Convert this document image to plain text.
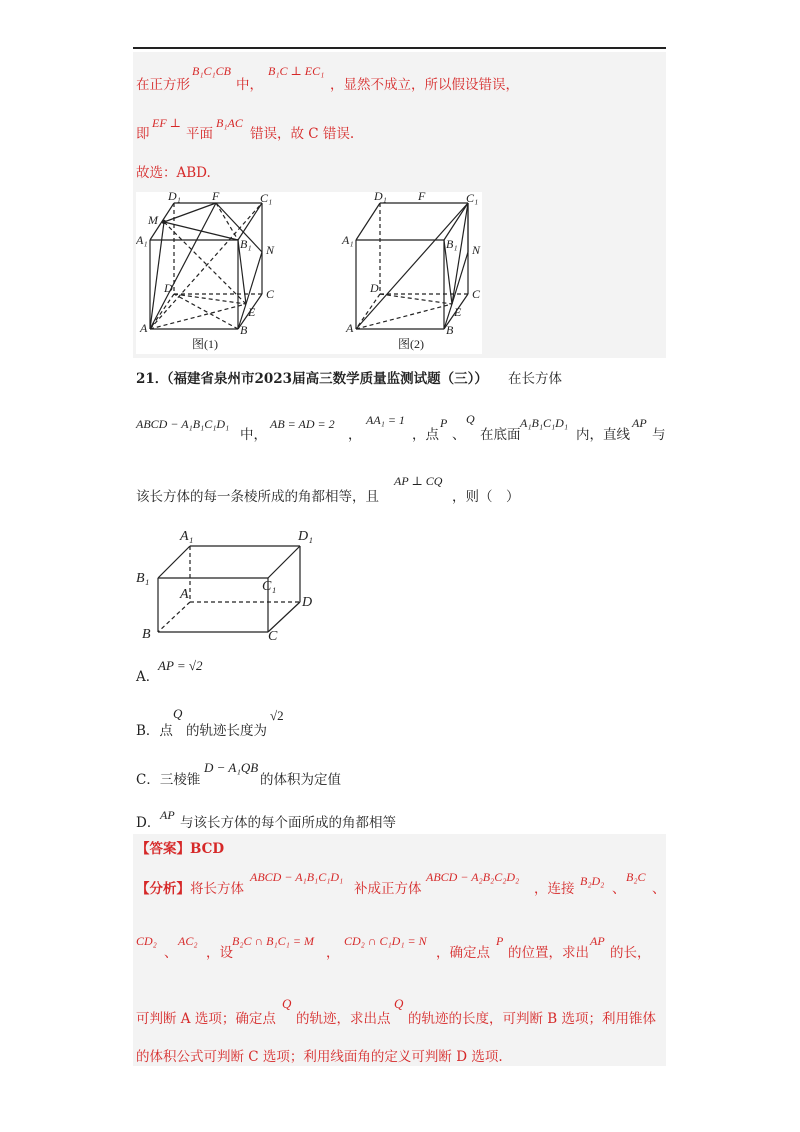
在正方形
B₁C₁CB
中，
B₁C ⊥ EC₁
，显然不成立，所以假设错误，
即
EF ⊥
平面
B₁AC
错误，故 C 错误.
故选：ABD.
D₁	F	C₁
M
A₁	B₁ N
D	C
E
A	B
图(1)
D₁	F	C₁
A₁	B₁ N
D	C
E
A	B
图(2)
21．
（福建省泉州市2023届高三数学质量监测试题（三）） 在长方体
ABCD − A₁B₁C₁D₁
中，
AB = AD = 2
，
AA₁ = 1
，点
P
、
Q
在底面
A₁B₁C₁D₁
内，直线
AP
与
该长方体的每一条棱所成的角都相等，且
AP ⊥ CQ
，则（　）
A₁	D₁
B₁
C₁
A
D
B	C
A．
AP = √2
B．点
Q
的轨迹长度为
√2
C．三棱锥
D − A₁QB
的体积为定值
D． AP 与该长方体的每个面所成的角都相等
【答案】BCD
【分析】 将长方体
ABCD − A₁B₁C₁D₁
补成正方体
ABCD − A₂B₂C₂D₂
，连接 B₂D₂ 、
B₂C
、
CD₂
、
AC₂
，设
B₂C ∩ B₁C₁ = M
，
CD₂ ∩ C₁D₁ = N
，确定点
P
的位置，求出
AP
的长，
可判断 A 选项；确定点
Q
的轨迹，求出点
Q
的轨迹的长度，可判断 B 选项；利用锥体
的体积公式可判断 C 选项；利用线面角的定义可判断 D 选项.
